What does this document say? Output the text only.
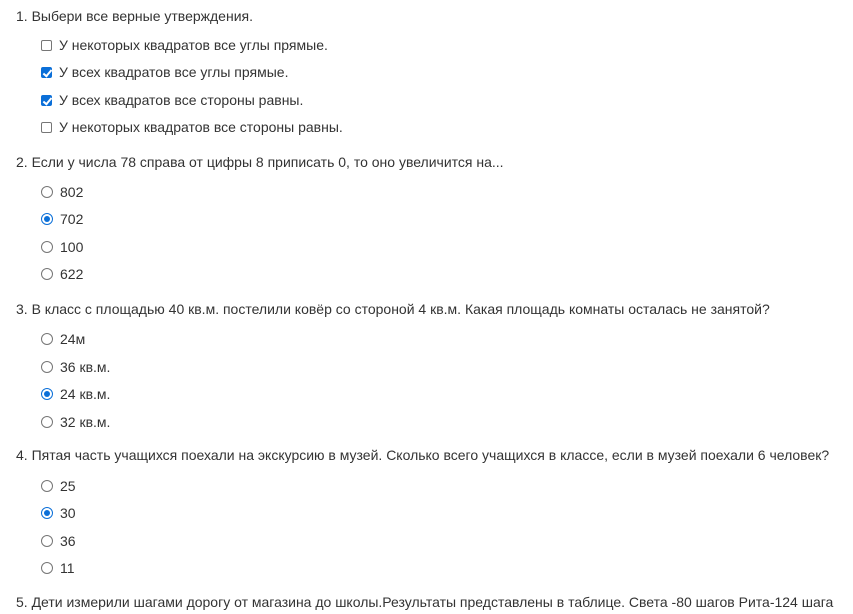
1. Выбери все верные утверждения.
У некоторых квадратов все углы прямые.
У всех квадратов все углы прямые.
У всех квадратов все стороны равны.
У некоторых квадратов все стороны равны.
2. Если у числа 78 справа от цифры 8 приписать 0, то оно увеличится на...
802
702
100
622
3. В класс с площадью 40 кв.м. постелили ковёр со стороной 4 кв.м. Какая площадь комнаты осталась не занятой?
24м
36 кв.м.
24 кв.м.
32 кв.м.
4. Пятая часть учащихся поехали на экскурсию в музей. Сколько всего учащихся в классе, если в музей поехали 6 человек?
25
30
36
11
5. Дети измерили шагами дорогу от магазина до школы.Результаты представлены в таблице. Света -80 шагов Рита-124 шага
